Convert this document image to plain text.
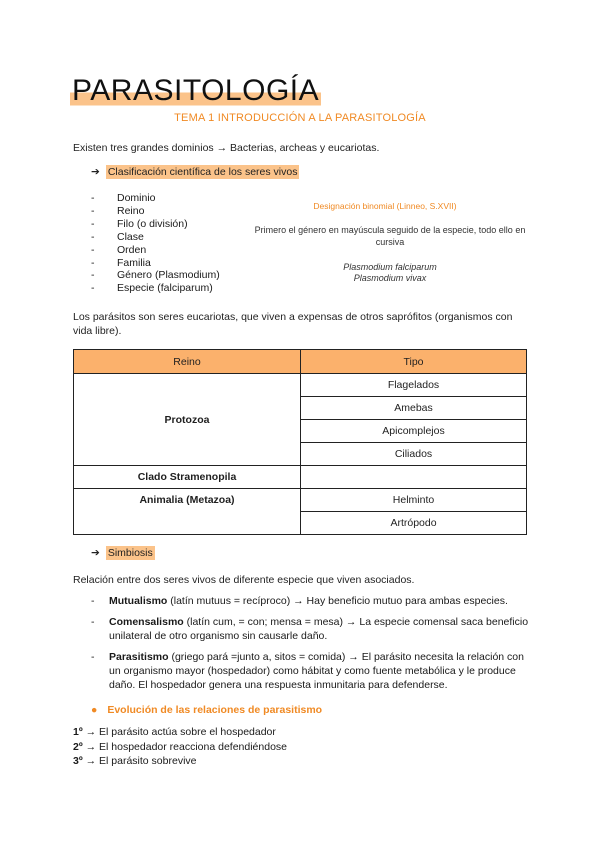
PARASITOLOGÍA
TEMA 1 INTRODUCCIÓN A LA PARASITOLOGÍA
Existen tres grandes dominios → Bacterias, archeas y eucariotas.
➔ Clasificación científica de los seres vivos
- Dominio
- Reino
- Filo (o división)
- Clase
- Orden
- Familia
- Género (Plasmodium)
- Especie (falciparum)
Designación binomial (Linneo, S.XVII)
Primero el género en mayúscula seguido de la especie, todo ello en
cursiva
Plasmodium falciparum
Plasmodium vivax
Los parásitos son seres eucariotas, que viven a expensas de otros saprófitos (organismos con vida libre).
Reino	Tipo
Protozoa	Flagelados
	Amebas
	Apicomplejos
	Ciliados
Clado Stramenopila	
Animalia (Metazoa)	Helminto
	Artrópodo
➔ Simbiosis
Relación entre dos seres vivos de diferente especie que viven asociados.
- Mutualismo (latín mutuus = recíproco) → Hay beneficio mutuo para ambas especies.
- Comensalismo (latín cum, = con; mensa = mesa) → La especie comensal saca beneficio unilateral de otro organismo sin causarle daño.
- Parasitismo (griego pará =junto a, sitos = comida) → El parásito necesita la relación con un organismo mayor (hospedador) como hábitat y como fuente metabólica y le produce daño. El hospedador genera una respuesta inmunitaria para defenderse.
● Evolución de las relaciones de parasitismo
1º → El parásito actúa sobre el hospedador
2º → El hospedador reacciona defendiéndose
3º → El parásito sobrevive
